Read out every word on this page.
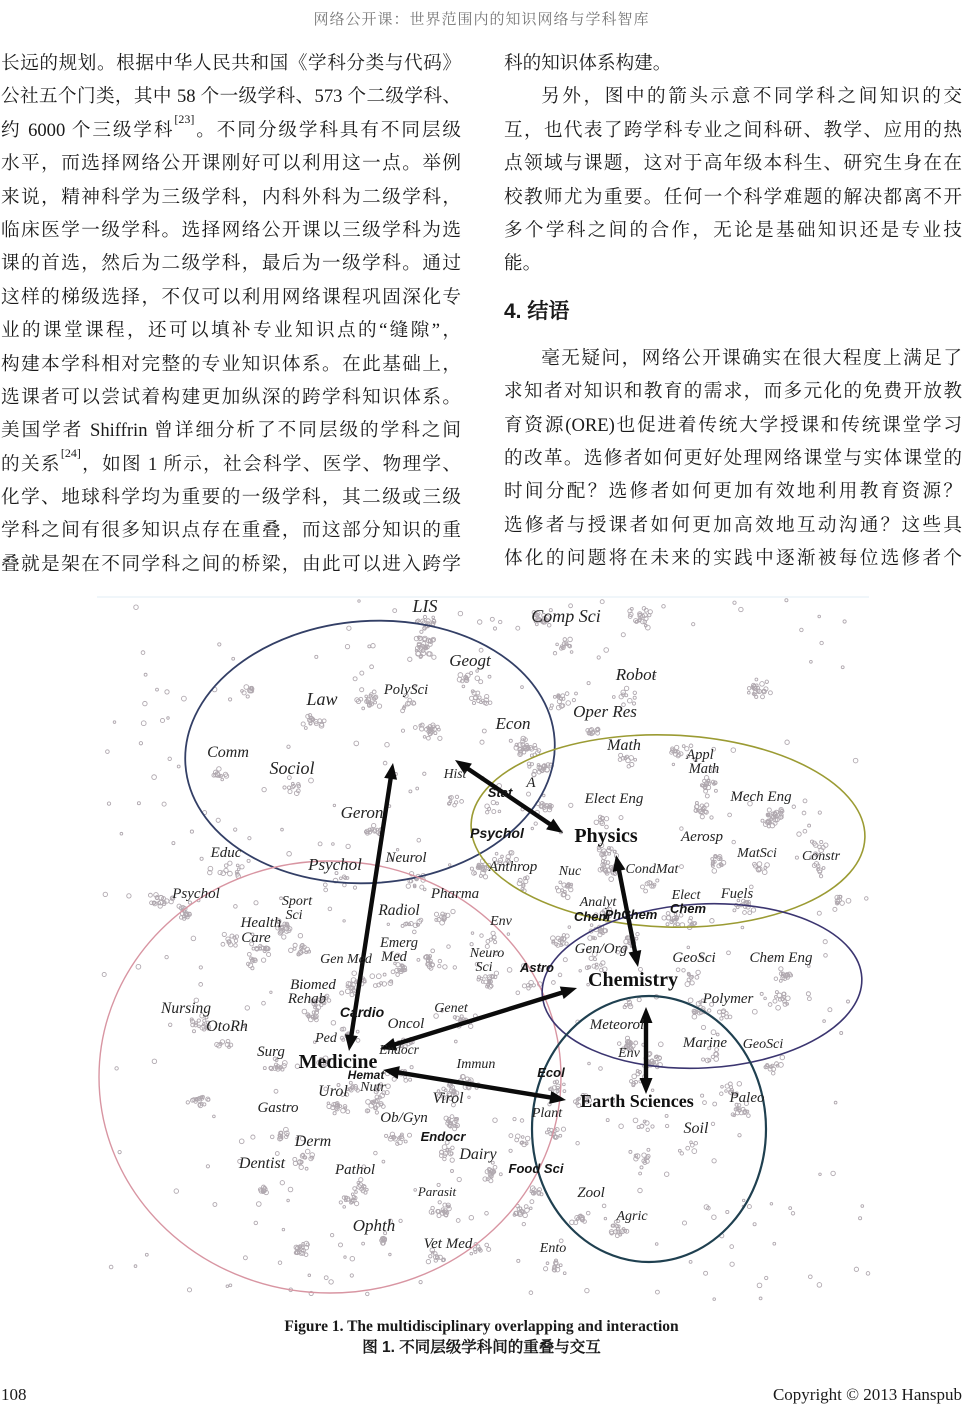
网络公开课：世界范围内的知识网络与学科智库
长远的规划。根据中华人民共和国《学科分类与代码》
公社五个门类，其中 58 个一级学科、573 个二级学科、
约 6000 个三级学科[23]。不同分级学科具有不同层级
水平，而选择网络公开课刚好可以利用这一点。举例
来说，精神科学为三级学科，内科外科为二级学科，
临床医学一级学科。选择网络公开课以三级学科为选
课的首选，然后为二级学科，最后为一级学科。通过
这样的梯级选择，不仅可以利用网络课程巩固深化专
业的课堂课程，还可以填补专业知识点的“缝隙”，
构建本学科相对完整的专业知识体系。在此基础上，
选课者可以尝试着构建更加纵深的跨学科知识体系。
美国学者 Shiffrin 曾详细分析了不同层级的学科之间
的关系[24]，如图 1 所示，社会科学、医学、物理学、
化学、地球科学均为重要的一级学科，其二级或三级
学科之间有很多知识点存在重叠，而这部分知识的重
叠就是架在不同学科之间的桥梁，由此可以进入跨学
科的知识体系构建。
另外，图中的箭头示意不同学科之间知识的交
互，也代表了跨学科专业之间科研、教学、应用的热
点领域与课题，这对于高年级本科生、研究生身在在
校教师尤为重要。任何一个科学难题的解决都离不开
多个学科之间的合作，无论是基础知识还是专业技
能。
4. 结语
毫无疑问，网络公开课确实在很大程度上满足了
求知者对知识和教育的需求，而多元化的免费开放教
育资源(ORE)也促进着传统大学授课和传统课堂学习
的改革。选修者如何更好处理网络课堂与实体课堂的
时间分配？选修者如何更加有效地利用教育资源？
选修者与授课者如何更加高效地互动沟通？这些具
体化的问题将在未来的实践中逐渐被每位选修者个
LIS	Comp Sci
Geogt
Robot
PolySci
Law
Oper Res
Econ
Math
Comm	Appl
Math
Sociol	Hist
A
Stat	Elect Eng	Mech Eng
Geron
Psychol	Physics	Aerosp
MatSci Constr
Educ	Neurol
Psychol	Anthrop Nuc	CondMat
Psychol	Pharma
Sport
Sci	Radiol	Analyt
Chem
Elect
Chem
Fuels
PhChem
Health
Care
Env
Emerg
Med
Gen Med	Neuro
Sci
Gen/Org
GeoSci Chem Eng
Astro
Biomed
Rehab
Chemistry
Polymer
Nursing	Cardio	Genet
Oncol	Meteorol
OtoRh
Ped
Endocr	Marine GeoSci
Surg Medicine	Env
Immun
Ecol
Hemat
Earth Sciences Paleo
Urol Nutr
Virol
Gastro
Ob/Gyn	Plant
Soil
Derm	Endocr
Dairy
Dentist	Pathol
Parasit
Food Sci
Ophth
Zool
Agric
Vet Med	Ento
Figure 1. The multidisciplinary overlapping and interaction
图 1. 不同层级学科间的重叠与交互
108	Copyright © 2013 Hanspub
